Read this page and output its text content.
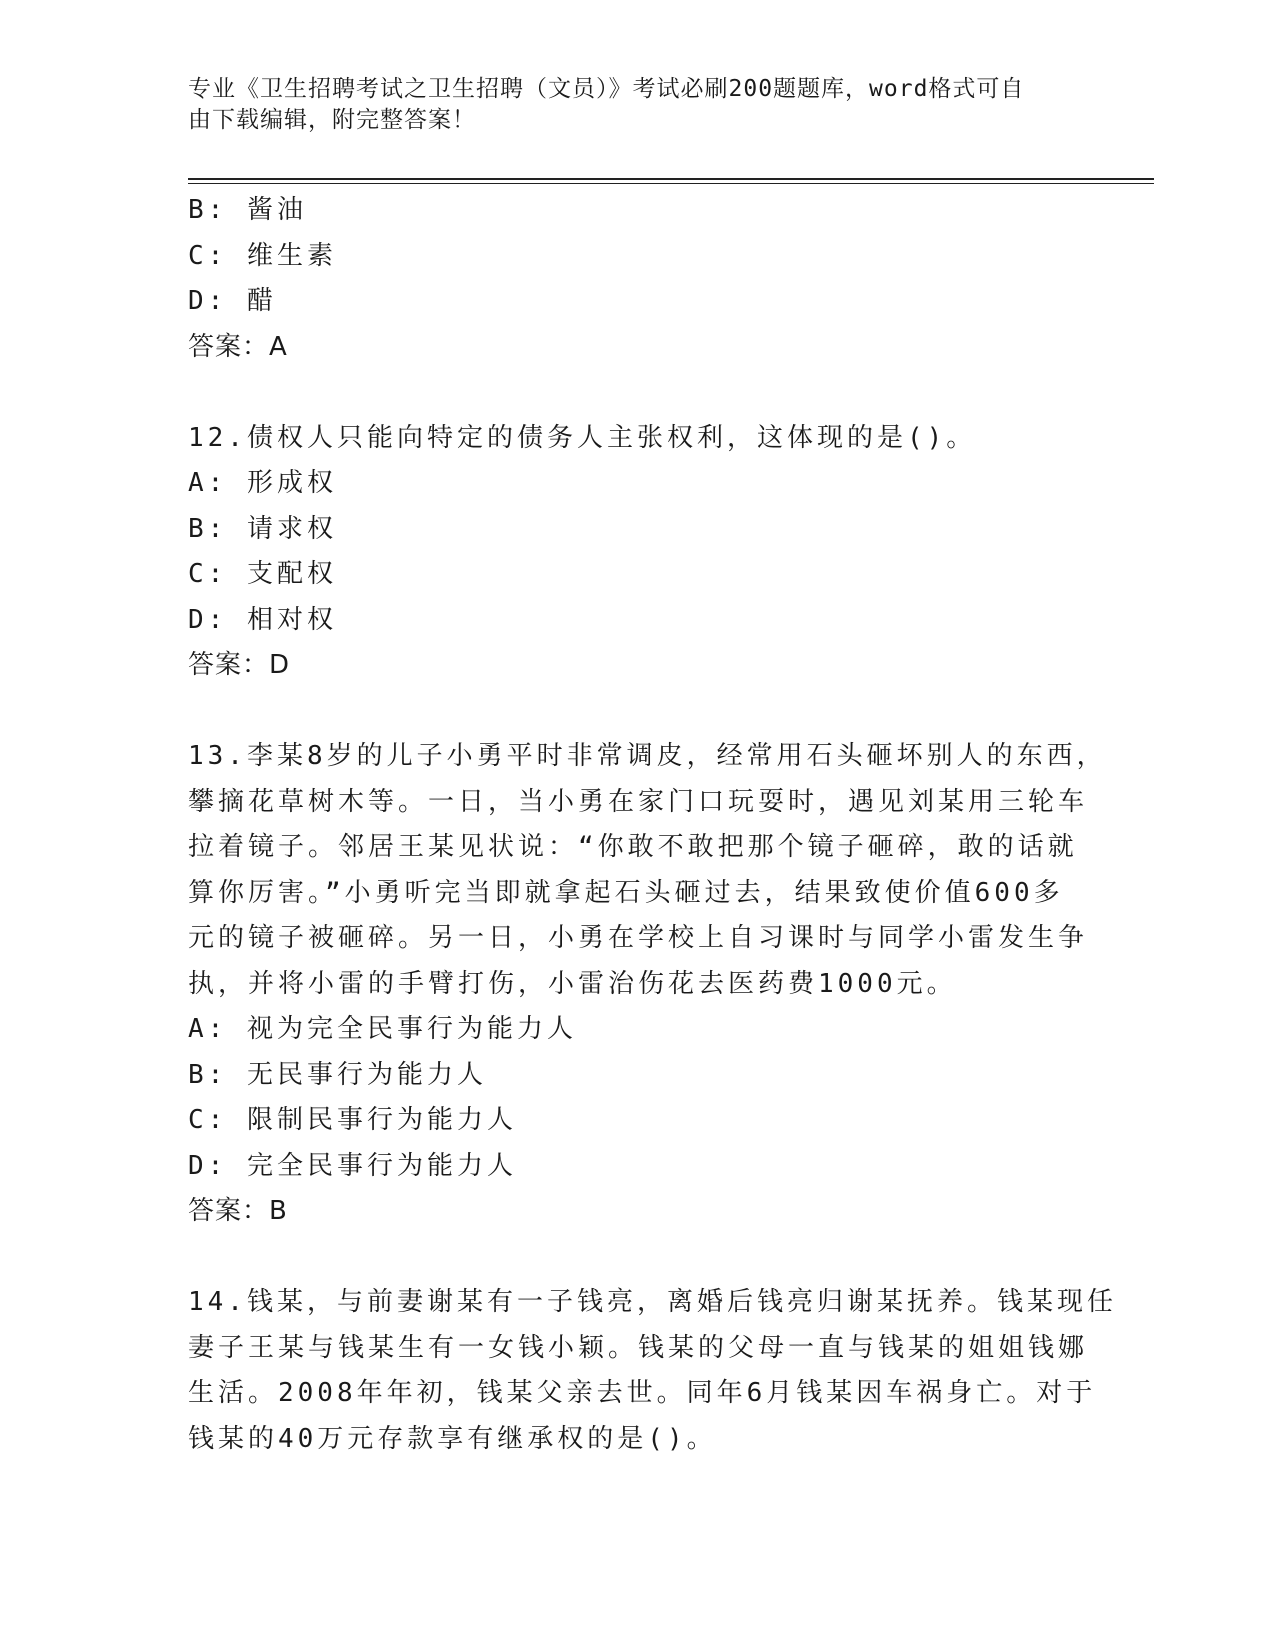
专业《卫生招聘考试之卫生招聘（文员）》考试必刷200题题库，word格式可自
由下载编辑，附完整答案！
B: 酱油
C: 维生素
D: 醋
答案：A
12.债权人只能向特定的债务人主张权利，这体现的是()。
A: 形成权
B: 请求权
C: 支配权
D: 相对权
答案：D
13.李某8岁的儿子小勇平时非常调皮，经常用石头砸坏别人的东西，
攀摘花草树木等。一日，当小勇在家门口玩耍时，遇见刘某用三轮车
拉着镜子。邻居王某见状说：“你敢不敢把那个镜子砸碎，敢的话就
算你厉害。”小勇听完当即就拿起石头砸过去，结果致使价值600多
元的镜子被砸碎。另一日，小勇在学校上自习课时与同学小雷发生争
执，并将小雷的手臂打伤，小雷治伤花去医药费1000元。
A: 视为完全民事行为能力人
B: 无民事行为能力人
C: 限制民事行为能力人
D: 完全民事行为能力人
答案：B
14.钱某，与前妻谢某有一子钱亮，离婚后钱亮归谢某抚养。钱某现任
妻子王某与钱某生有一女钱小颖。钱某的父母一直与钱某的姐姐钱娜
生活。2008年年初，钱某父亲去世。同年6月钱某因车祸身亡。对于
钱某的40万元存款享有继承权的是()。
